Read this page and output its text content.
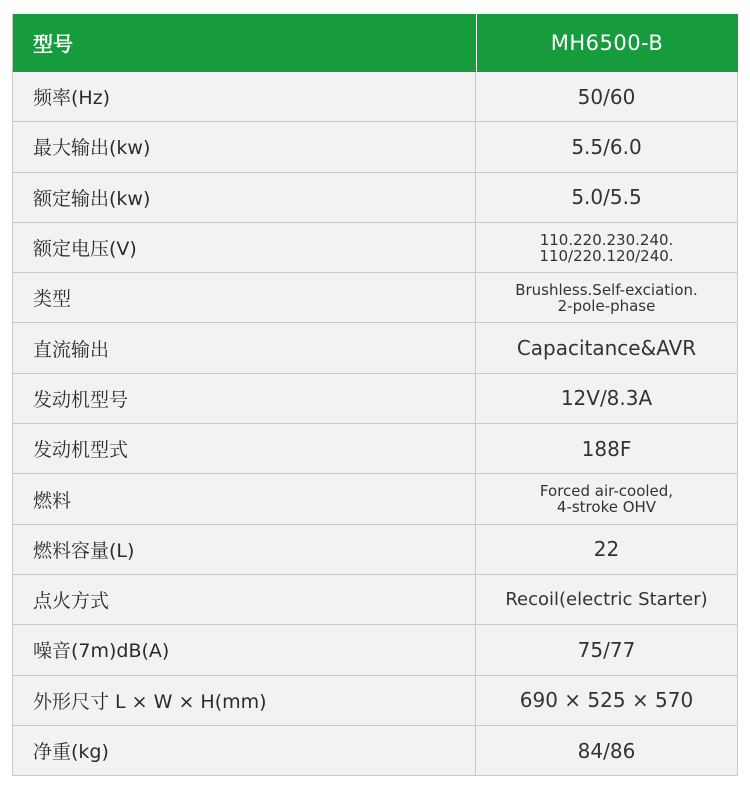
型号	MH6500-B
频率(Hz)	50/60
最大输出(kw)	5.5/6.0
额定输出(kw)	5.0/5.5
额定电压(V)	110.220.230.240.
110/220.120/240.

类型	Brushless.Self-exciation.
2-pole-phase

直流输出	Capacitance&AVR
发动机型号	12V/8.3A
发动机型式	188F
燃料	Forced air-cooled,
4-stroke OHV

燃料容量(L)	22
点火方式	Recoil(electric Starter)
噪音(7m)dB(A)	75/77
外形尺寸 L × W × H(mm)	690 × 525 × 570
净重(kg)	84/86
